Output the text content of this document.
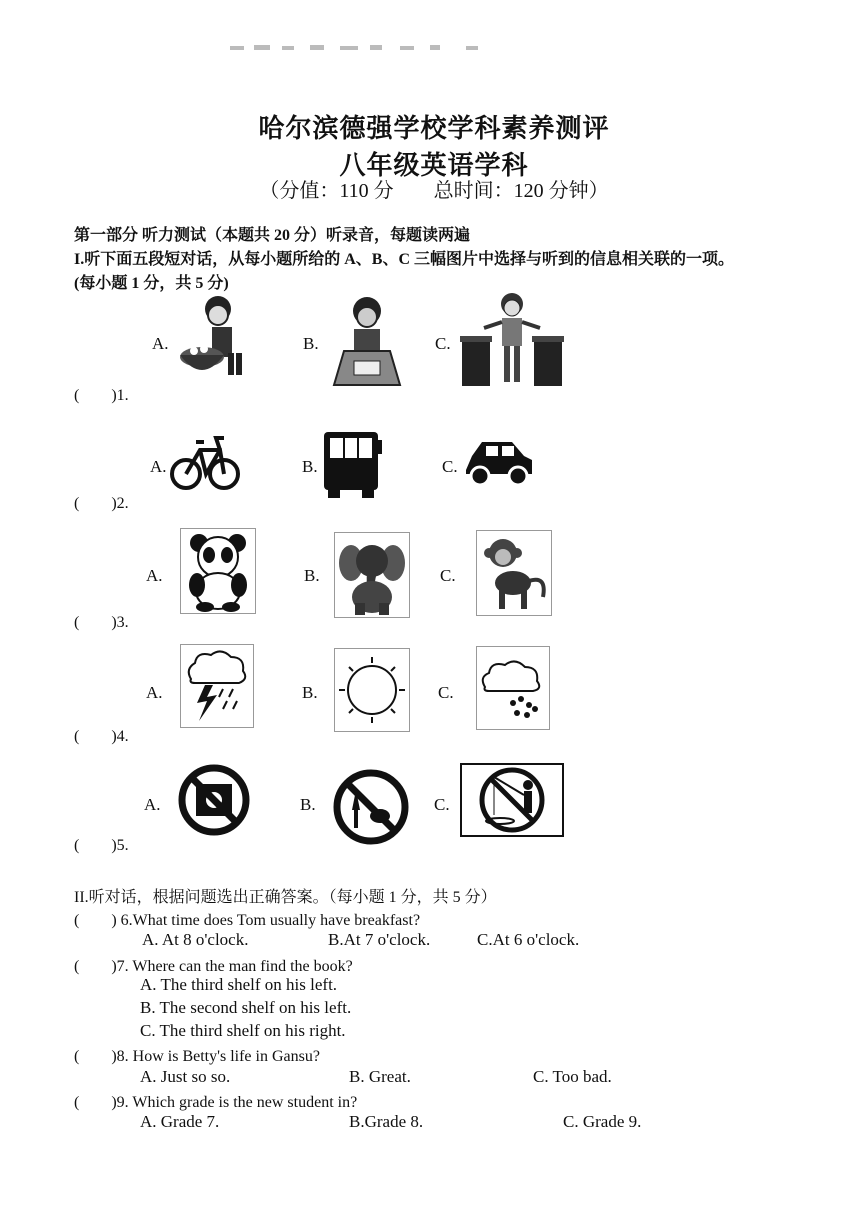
哈尔滨德强学校学科素养测评
八年级英语学科
（分值：110 分　　总时间：120 分钟）
第一部分 听力测试（本题共 20 分）听录音，每题读两遍
I.听下面五段短对话，从每小题所给的 A、B、C 三幅图片中选择与听到的信息相关联的一项。
(每小题 1 分，共 5 分)
A.	B.	C.
(　　)1.
A.	B.	C.
(　　)2.
A.	B.	C.
(　　)3.
A.	B.	C.
(　　)4.
A.	B.	C.
(　　)5.
II.听对话，根据问题选出正确答案。（每小题 1 分，共 5 分）
(　　) 6.What time does Tom usually have breakfast?
A. At 8 o'clock.	B.At 7 o'clock.	C.At 6 o'clock.
(　　)7. Where can the man find the book?
A. The third shelf on his left.
B. The second shelf on his left.
C. The third shelf on his right.
(　　)8. How is Betty's life in Gansu?
A. Just so so.	B. Great.	C. Too bad.
(　　)9. Which grade is the new student in?
A. Grade 7.	B.Grade 8.	C. Grade 9.
